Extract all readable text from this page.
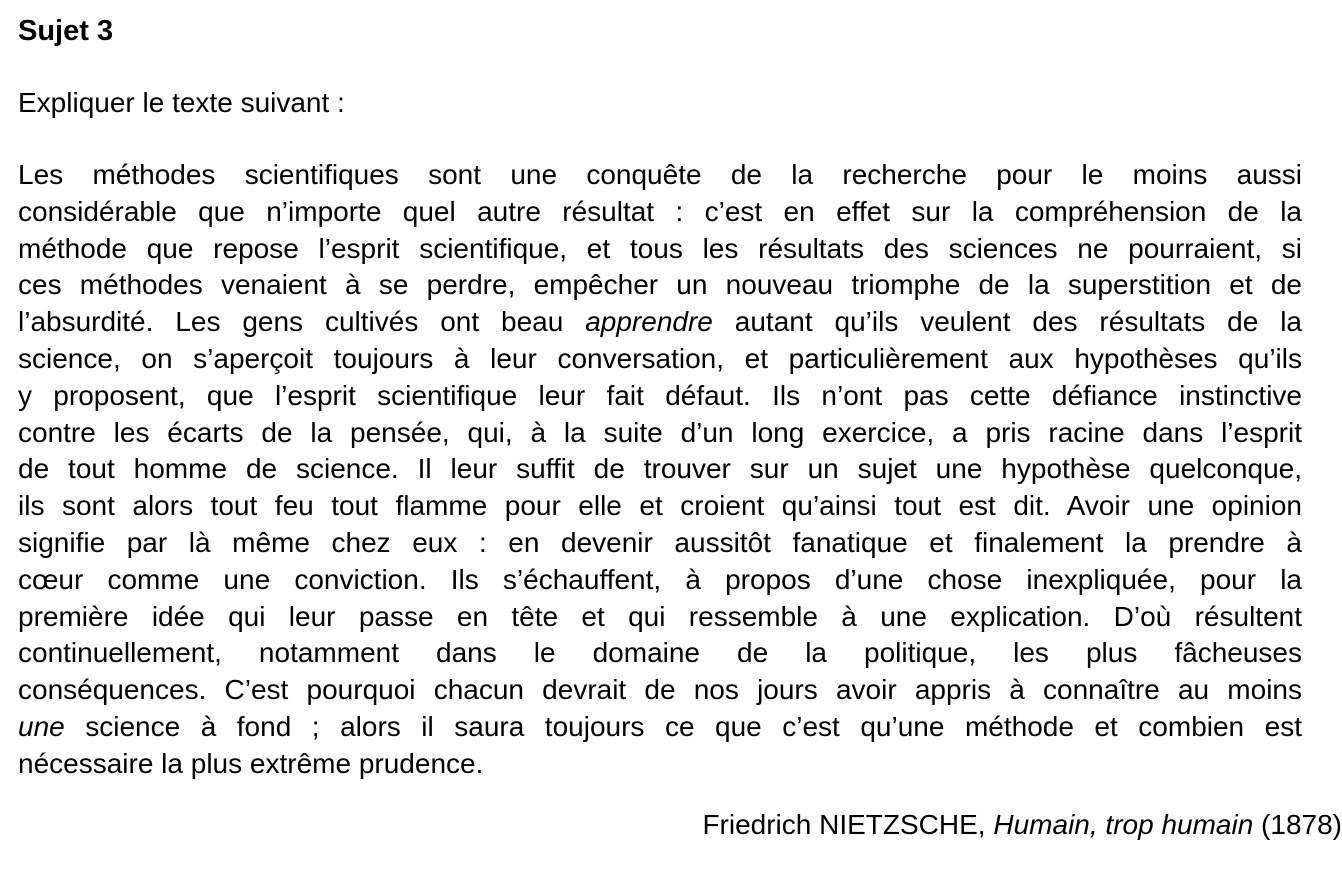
Sujet 3
Expliquer le texte suivant :
Les méthodes scientifiques sont une conquête de la recherche pour le moins aussi
considérable que n’importe quel autre résultat : c’est en effet sur la compréhension de la
méthode que repose l’esprit scientifique, et tous les résultats des sciences ne pourraient, si
ces méthodes venaient à se perdre, empêcher un nouveau triomphe de la superstition et de
l’absurdité. Les gens cultivés ont beau apprendre autant qu’ils veulent des résultats de la
science, on s’aperçoit toujours à leur conversation, et particulièrement aux hypothèses qu’ils
y proposent, que l’esprit scientifique leur fait défaut. Ils n’ont pas cette défiance instinctive
contre les écarts de la pensée, qui, à la suite d’un long exercice, a pris racine dans l’esprit
de tout homme de science. Il leur suffit de trouver sur un sujet une hypothèse quelconque,
ils sont alors tout feu tout flamme pour elle et croient qu’ainsi tout est dit. Avoir une opinion
signifie par là même chez eux : en devenir aussitôt fanatique et finalement la prendre à
cœur comme une conviction. Ils s’échauffent, à propos d’une chose inexpliquée, pour la
première idée qui leur passe en tête et qui ressemble à une explication. D’où résultent
continuellement, notamment dans le domaine de la politique, les plus fâcheuses
conséquences. C’est pourquoi chacun devrait de nos jours avoir appris à connaître au moins
une science à fond ; alors il saura toujours ce que c’est qu’une méthode et combien est
nécessaire la plus extrême prudence.
Friedrich NIETZSCHE, Humain, trop humain (1878)
